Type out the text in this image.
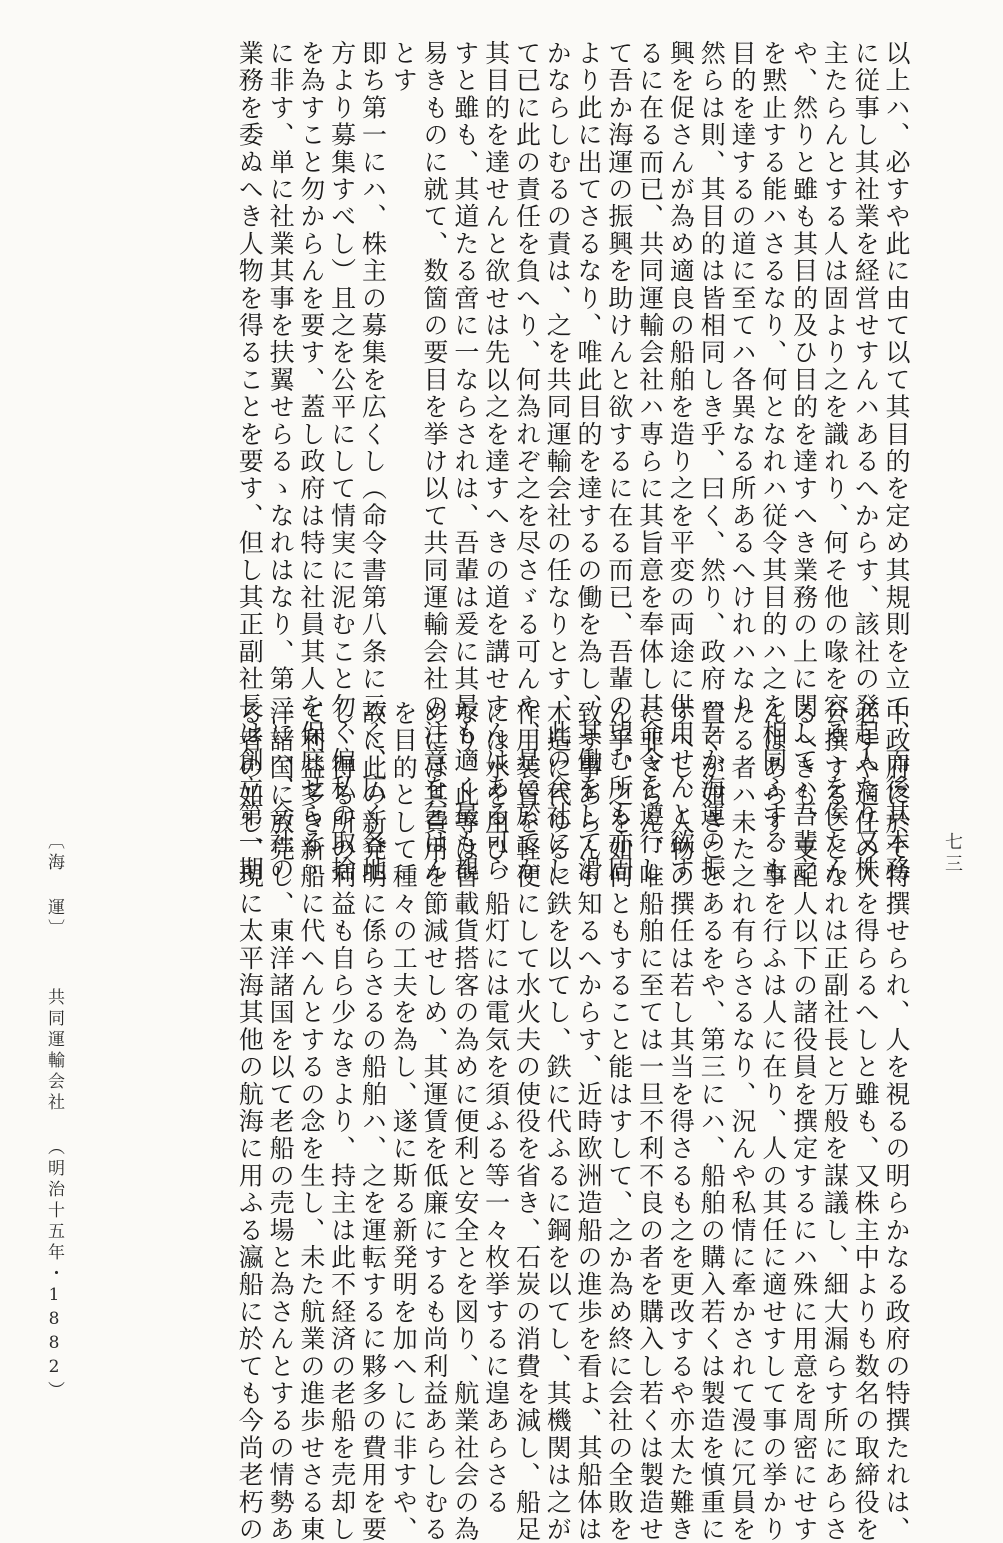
以上ハ、必すや此に由て以て其目的を定め其規則を立て、而後其本務
に従事し其社業を経営せすんハあるへからす、該社の発起人たり又株
主たらんとする人は固より之を識れり、何そ他の喙を容るゝを俟たん
や、然りと雖も其目的及ひ目的を達すへき業務の上に関してハ吾輩之
を黙止する能ハさるなり、何となれハ従令其目的ハ之を相同ふするも
目的を達するの道に至てハ各異なる所あるへけれハなり
然らは則、其目的は皆相同しき乎、曰く、然り、政府ハ吾か海運の振
興を促さんが為め適良の船舶を造り之を平変の両途に供用せんと欲す
るに在る而已、共同運輸会社ハ専らに其旨意を奉体し其命令を遵行し
て吾か海運の振興を助けんと欲するに在る而已、吾輩の望む所も亦固
より此に出てさるなり、唯此目的を達するの働を為し、其働をして滑
かならしむるの責は、之を共同運輸会社の任なりとす、此の会社にし
て已に此の責任を負へり、何為れぞ之を尽さゞる可んや、是に於てか
其目的を達せんと欲せは先以之を達すへきの道を講せすんはある可ら
すと雖も、其道たる啻に一ならされは、吾輩は爰に其最も適く最も覩
易きものに就て、数箇の要目を挙け以て共同運輸会社の注意を乞はん
とす
即ち第一にハ、株主の募集を広くし（命令書第八条に云く、広く各地
方より募集すべし）且之を公平にして情実に泥むこと勿く偏私の取捨
を為すこと勿からんを要す、蓋し政府は特に社員其人を保庇せらるゝ
に非す、単に社業其事を扶翼せらるゝなれはなり、第二にハ、会社の
業務を委ぬへき人物を得ることを要す、但し其正副社長は創立第一期
中政府に於て特撰せられ、人を視るの明らかなる政府の特撰たれは、
必すや適任の人を得らるへしと雖も、又株主中よりも数名の取締役を
公撰することなれは正副社長と万般を謀議し、細大漏らす所にあらさ
るへきも、支配人以下の諸役員を撰定するにハ殊に用意を周密にせす
んはあらす、事を行ふは人に在り、人の其任に適せすして事の挙かり
たる者ハ未た之れ有らさるなり、況んや私情に牽かされて漫に冗員を
置くが如きことあるをや、第三にハ、船舶の購入若くは製造を慎重に
すへし、人物の撰任は若し其当を得さるも之を更改するや亦太た難き
に非さらん、唯船舶に至ては一旦不利不良の者を購入し若くは製造せ
ん乎、之を如何ともすること能はすして、之か為め終に会社の全敗を
致す事あらんも知るへからす、近時欧洲造船の進歩を看よ、其船体は
木造に代ゆるに鉄を以てし、鉄に代ふるに鋼を以てし、其機関は之が
作用装置を軽便にして水火夫の使役を省き、石炭の消費を減し、船足
には水を用ひ、船灯には電気を須ふる等一々枚挙するに遑あらさる
なり、此等は皆載貨搭客の為めに便利と安全とを図り、航業社会の為
めには其費用を節減せしめ、其運賃を低廉にするも尚利益あらしむる
を目的として種々の工夫を為し、遂に斯る新発明を加へしに非すや、
故に此の新発明に係らさるの船舶ハ、之を運転するに夥多の費用を要
し、得る所の利益も自ら少なきより、持主は此不経済の老船を売却し
て利益多き新船に代へんとするの念を生し、未た航業の進歩せさる東
洋諸国に放売し、東洋諸国を以て老船の売場と為さんとするの情勢あ
る者の如し、現に太平海其他の航海に用ふる瀛船に於ても今尚老朽の
〔海 運〕  共同運輸会社 （明治十五年・1882）	七三
